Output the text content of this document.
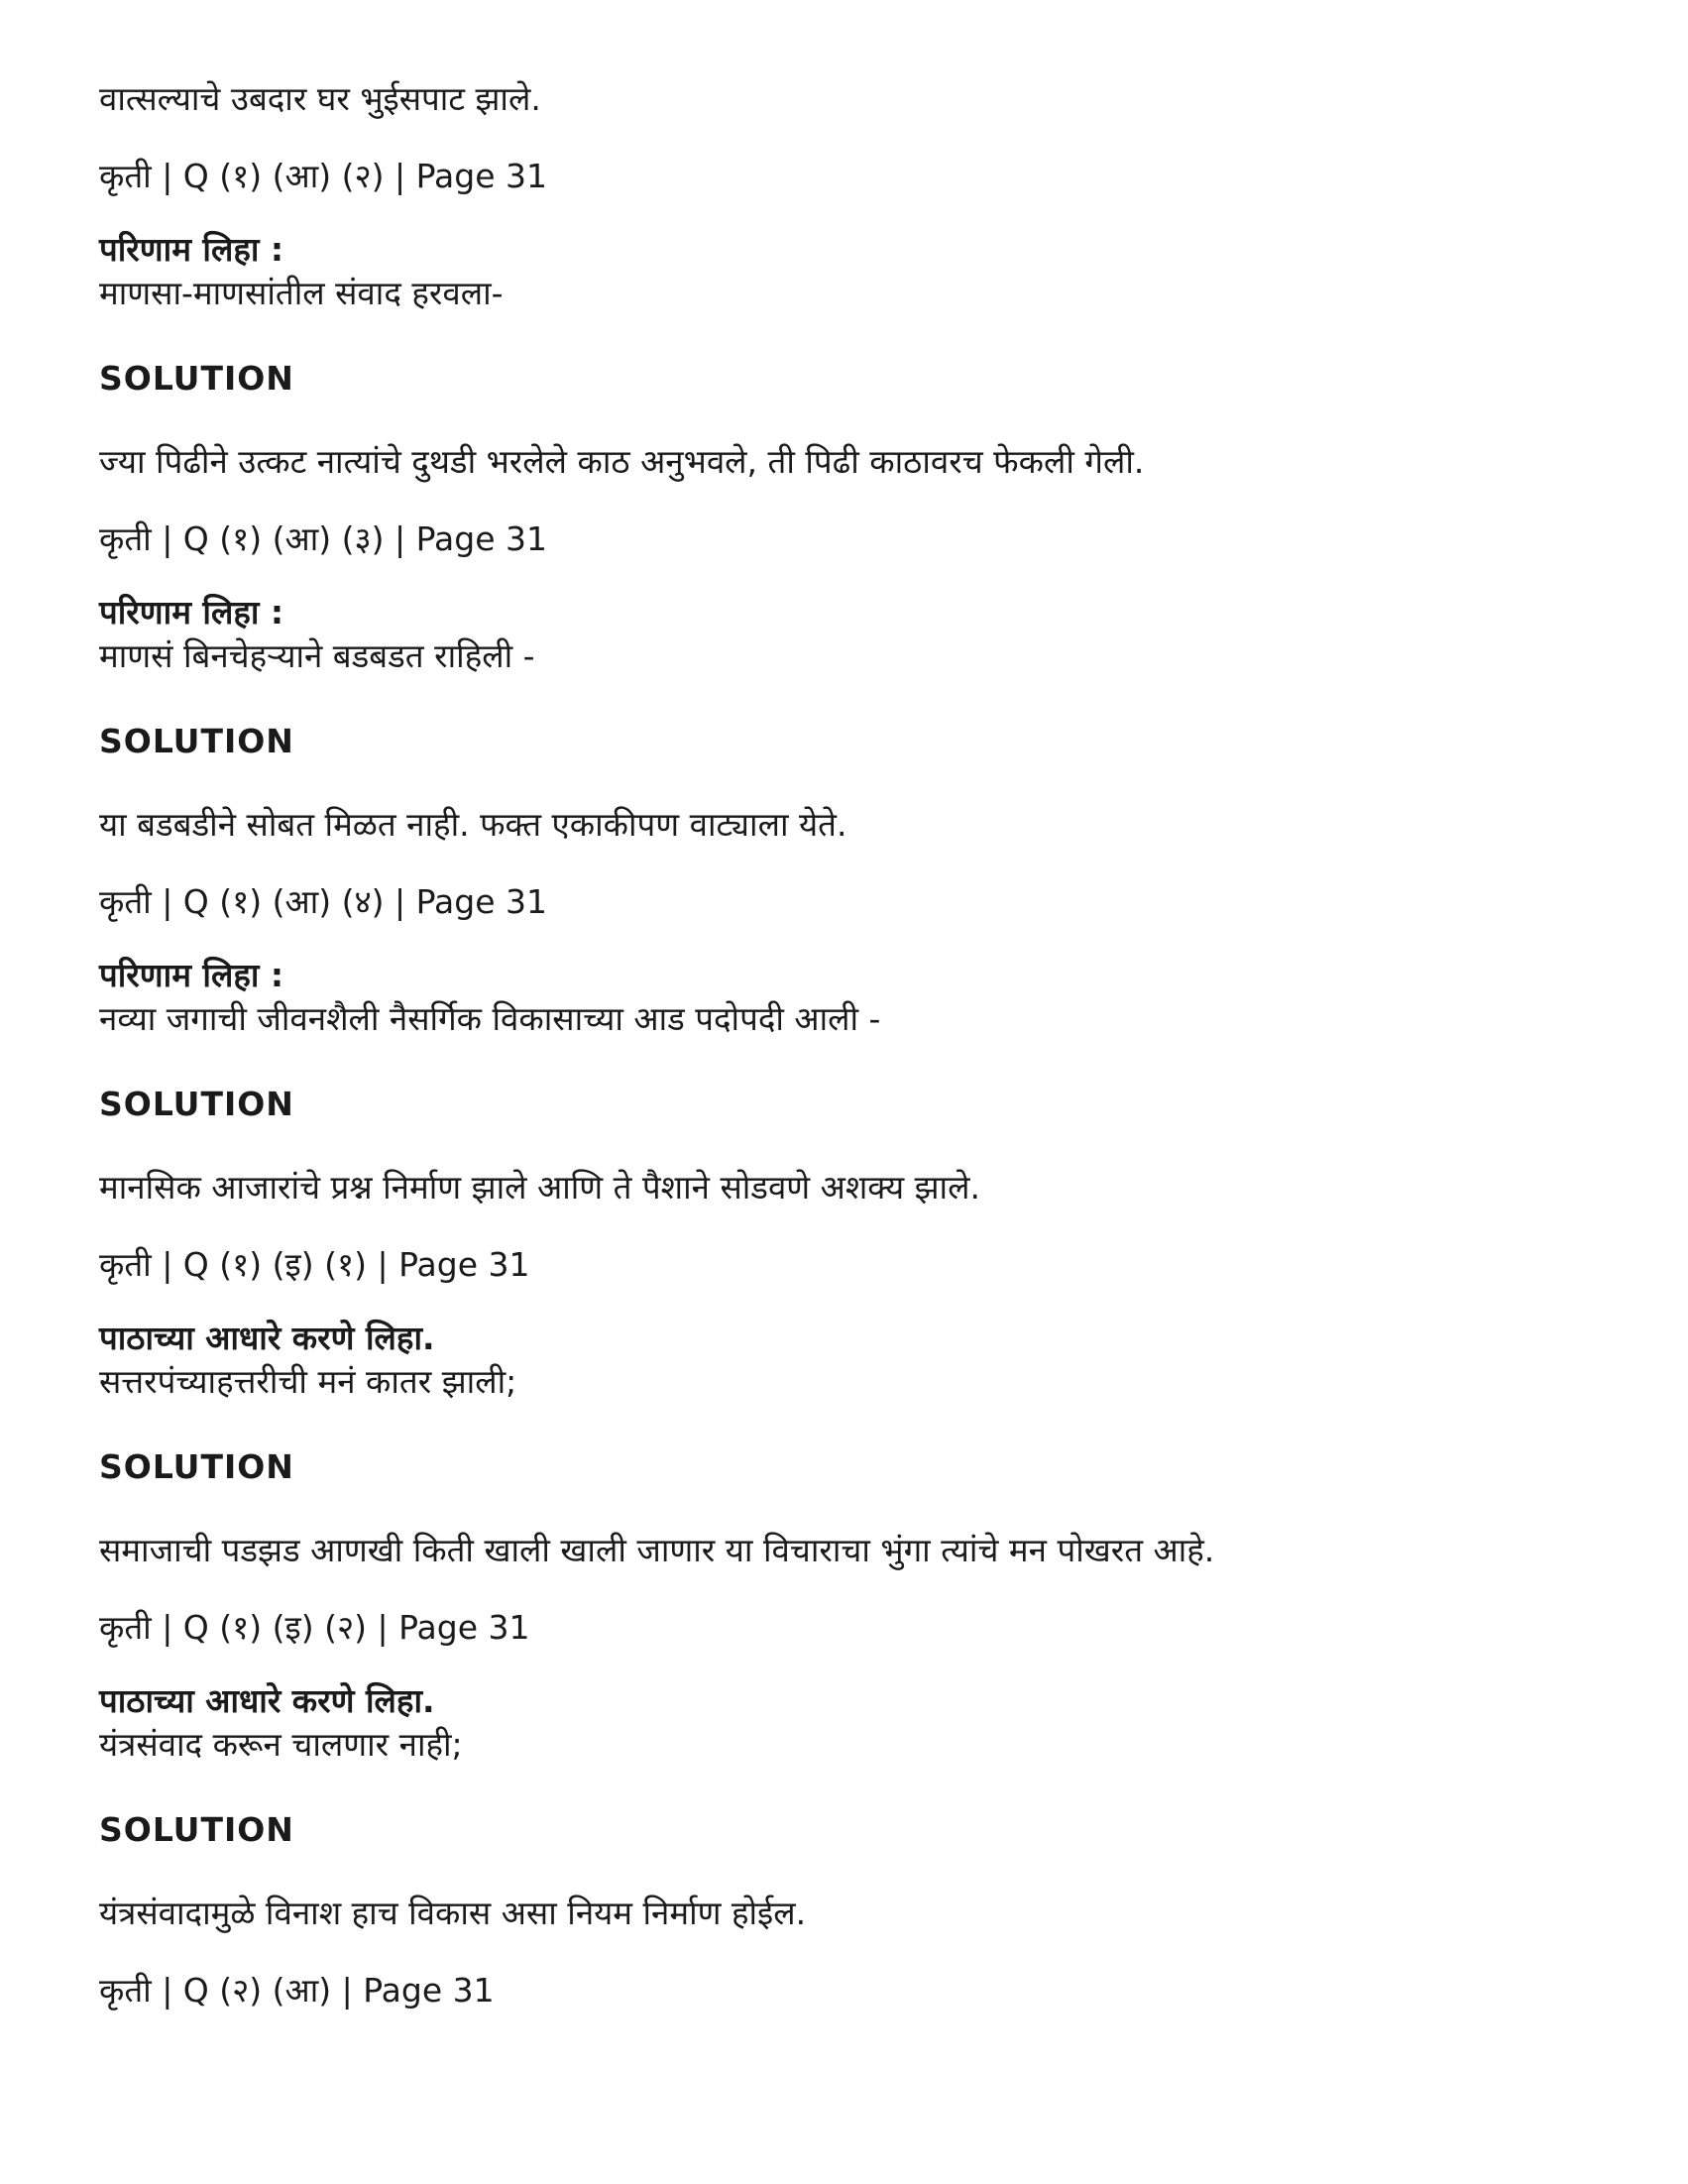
वात्सल्याचे उबदार घर भुईसपाट झाले.
कृती | Q (१) (आ) (२) | Page 31
परिणाम लिहा :
माणसा-माणसांतील संवाद हरवला-
SOLUTION
ज्या पिढीने उत्कट नात्यांचे दुथडी भरलेले काठ अनुभवले, ती पिढी काठावरच फेकली गेली.
कृती | Q (१) (आ) (३) | Page 31
परिणाम लिहा :
माणसं बिनचेहऱ्याने बडबडत राहिली -
SOLUTION
या बडबडीने सोबत मिळत नाही. फक्त एकाकीपण वाट्याला येते.
कृती | Q (१) (आ) (४) | Page 31
परिणाम लिहा :
नव्या जगाची जीवनशैली नैसर्गिक विकासाच्या आड पदोपदी आली -
SOLUTION
मानसिक आजारांचे प्रश्न निर्माण झाले आणि ते पैशाने सोडवणे अशक्य झाले.
कृती | Q (१) (इ) (१) | Page 31
पाठाच्या आधारे करणे लिहा.
सत्तरपंच्याहत्तरीची मनं कातर झाली;
SOLUTION
समाजाची पडझड आणखी किती खाली खाली जाणार या विचाराचा भुंगा त्यांचे मन पोखरत आहे.
कृती | Q (१) (इ) (२) | Page 31
पाठाच्या आधारे करणे लिहा.
यंत्रसंवाद करून चालणार नाही;
SOLUTION
यंत्रसंवादामुळे विनाश हाच विकास असा नियम निर्माण होईल.
कृती | Q (२) (आ) | Page 31
